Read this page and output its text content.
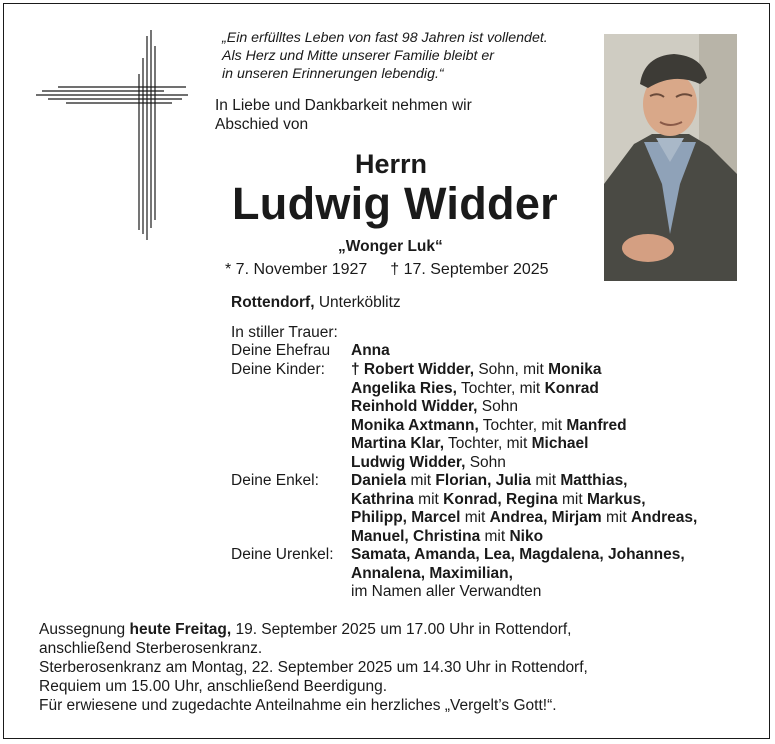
„Ein erfülltes Leben von fast 98 Jahren ist vollendet.
Als Herz und Mitte unserer Familie bleibt er
in unseren Erinnerungen lebendig.“
In Liebe und Dankbarkeit nehmen wir
Abschied von
Herrn
Ludwig Widder
„Wonger Luk“
* 7. November 1927 † 17. September 2025
Rottendorf, Unterköblitz
In stiller Trauer:
Deine Ehefrau Anna
Deine Kinder: † Robert Widder, Sohn, mit Monika
Angelika Ries, Tochter, mit Konrad
Reinhold Widder, Sohn
Monika Axtmann, Tochter, mit Manfred
Martina Klar, Tochter, mit Michael
Ludwig Widder, Sohn
Deine Enkel: Daniela mit Florian, Julia mit Matthias,
Kathrina mit Konrad, Regina mit Markus,
Philipp, Marcel mit Andrea, Mirjam mit Andreas,
Manuel, Christina mit Niko
Deine Urenkel: Samata, Amanda, Lea, Magdalena, Johannes,
Annalena, Maximilian,
im Namen aller Verwandten
Aussegnung heute Freitag, 19. September 2025 um 17.00 Uhr in Rottendorf,
anschließend Sterberosenkranz.
Sterberosenkranz am Montag, 22. September 2025 um 14.30 Uhr in Rottendorf,
Requiem um 15.00 Uhr, anschließend Beerdigung.
Für erwiesene und zugedachte Anteilnahme ein herzliches „Vergelt’s Gott!“.
